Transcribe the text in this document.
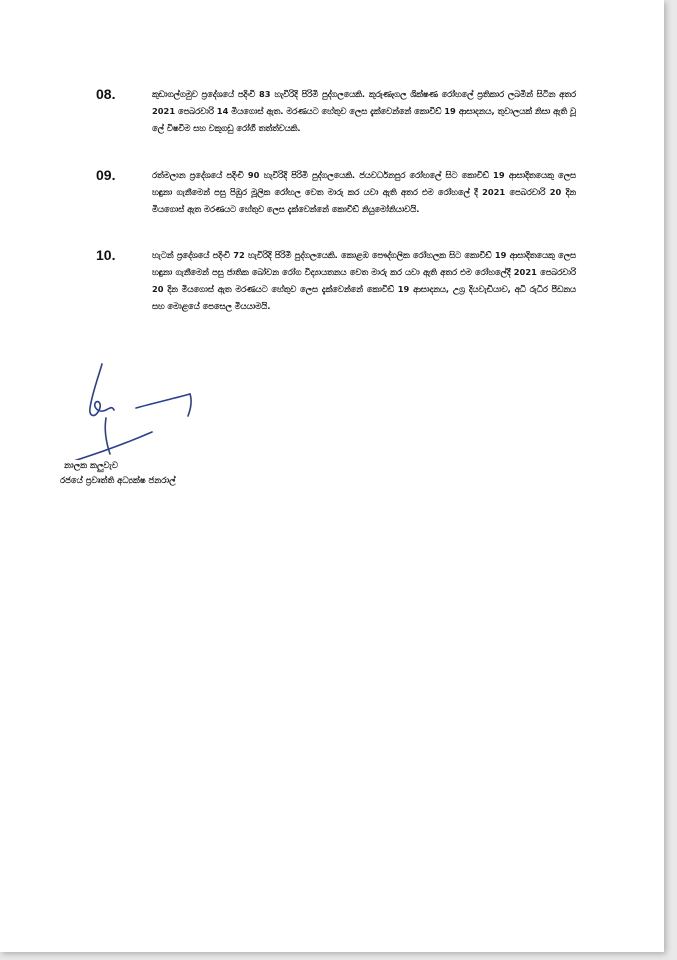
08.	කුඩාගල්ගමුව ප්‍රදේශයේ පදිංචි 83 හැවිරිදි පිරිමි පුද්ගලයෙකි. කුරුණෑගල ශික්ෂණ රෝහලේ ප්‍රතිකාර ලබමින් සිටින අතර 2021 පෙබරවාරි 14 මියගොස් ඇත. මරණයට හේතුව ලෙස දැක්වෙන්නේ කොවිඩ් 19 ආසාදනය, තුවාලයක් නිසා ඇති වූ ලේ විෂවීම සහ වකුගඩු රෝගී තත්ත්වයකි.
09.	රත්මලාන ප්‍රදේශයේ පදිංචි 90 හැවිරිදි පිරිමි පුද්ගලයෙකි. ජයවර්ධනපුර රෝහලේ සිට කොවිඩ් 19 ආසාදිතයෙකු ලෙස හඳුනා ගැනීමෙන් පසු පිඹුර මූලික රෝහල වෙත මාරු කර යවා ඇති අතර එම රෝහලේ දී 2021 පෙබරවාරි 20 දින මියගොස් ඇත මරණයට හේතුව ලෙස දැක්වෙන්නේ කොවිඩ් නියුමෝනියාවයි.
10.	හැටන් ප්‍රදේශයේ පදිංචි 72 හැවිරිදි පිරිමි පුද්ගලයෙකි. කොළඹ පෞද්ගලික රෝහලක සිට කොවිඩ් 19 ආසාදිතයෙකු ලෙස හඳුනා ගැනීමෙන් පසු ජාතික බෝවන රෝග විද්‍යායතනය වෙත මාරු කර යවා ඇති අතර එම රෝහලේදී 2021 පෙබරවාරි 20 දින මියගොස් ඇත මරණයට හේතුව ලෙස දැක්වෙන්නේ කොවිඩ් 19 ආසාදනය, උග්‍ර දියවැඩියාව, අධි රුධිර පීඩනය සහ මොළයේ පෙසෙල මියයාමයි.
නාලක කලුවැව
රජයේ ප්‍රවෘත්ති අධ්‍යක්ෂ ජනරාල්
